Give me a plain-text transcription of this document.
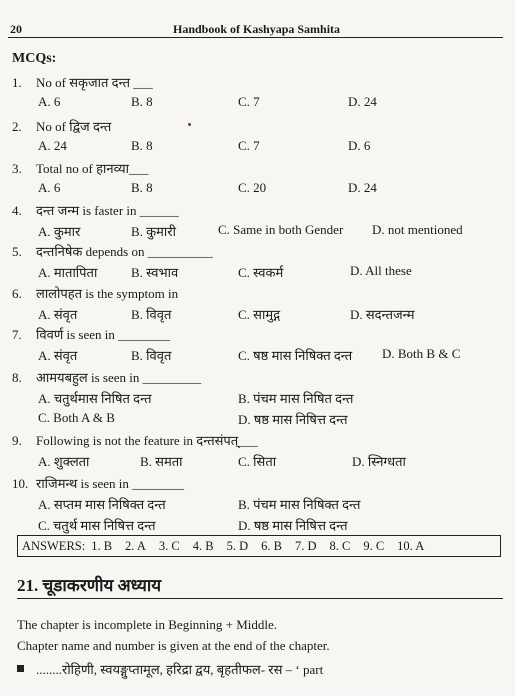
20	Handbook of Kashyapa Samhita
MCQs:
1. No of सकृजात दन्त ___
A. 6	B. 8	C. 7	D. 24
2. No of द्विज दन्त
A. 24	B. 8	C. 7	D. 6
3. Total no of हानव्या___
A. 6	B. 8	C. 20	D. 24
4. दन्त जन्म is faster in ______
A. कुमार	B. कुमारी	C. Same in both Gender D. not mentioned
5. दन्तनिषेक depends on __________
A. मातापिता	B. स्वभाव	C. स्वकर्म	D. All these
6. लालोपहत is the symptom in
A. संवृत	B. विवृत	C. सामुद्ग	D. सदन्तजन्म
7. विवर्ण is seen in ________
A. संवृत	B. विवृत	C. षष्ठ मास निषिक्त दन्त D. Both B & C
8. आमयबहुल is seen in _________
A. चतुर्थमास निषित दन्त	B. पंचम मास निषित दन्त
C. Both A & B	D. षष्ठ मास निषित्त दन्त
9. Following is not the feature in दन्तसंपत्___
A. शुक्लता	B. समता	C. सिता	D. स्निग्धता
10. राजिमन्थ is seen in ________
A. सप्तम मास निषिक्त दन्त	B. पंचम मास निषिक्त दन्त
C. चतुर्थ मास निषित्त दन्त	D. षष्ठ मास निषित्त दन्त
ANSWERS: 1. B 2. A 3. C 4. B 5. D 6. B 7. D 8. C 9. C 10. A
21. चूडाकरणीय अध्याय
The chapter is incomplete in Beginning + Middle.
Chapter name and number is given at the end of the chapter.
........रोहिणी, स्वयङ्गुप्तामूल, हरिद्रा द्वय, बृहतीफल- रस – ‘ part
